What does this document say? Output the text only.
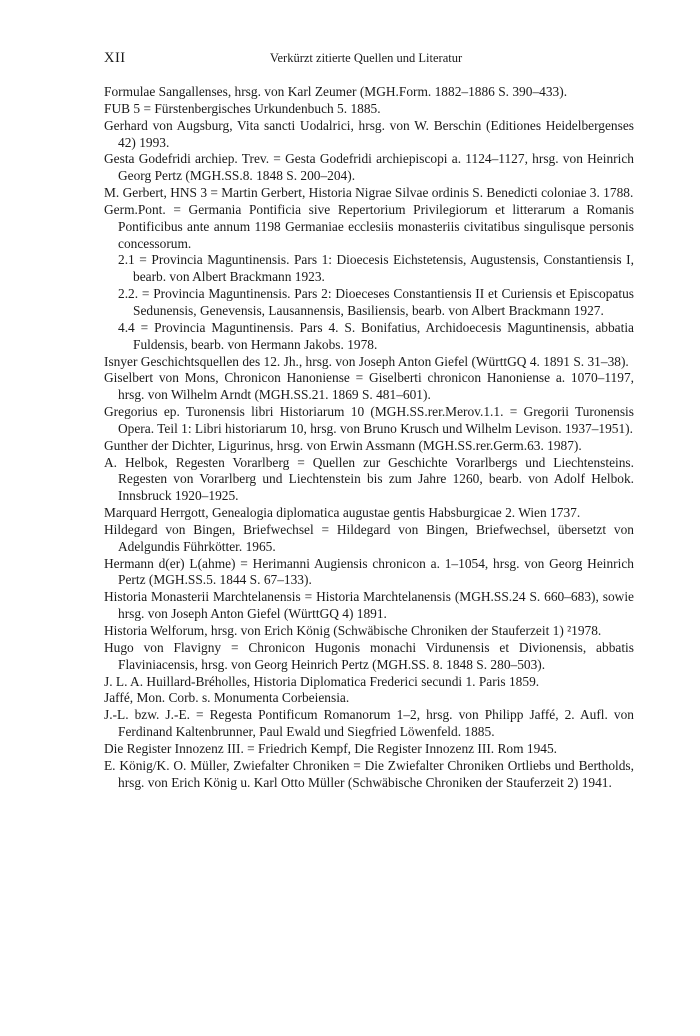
XII	Verkürzt zitierte Quellen und Literatur

Formulae Sangallenses, hrsg. von Karl Zeumer (MGH.Form. 1882–1886 S. 390–433).

FUB 5 = Fürstenbergisches Urkundenbuch 5. 1885.

Gerhard von Augsburg, Vita sancti Uodalrici, hrsg. von W. Berschin (Editiones Heidelbergenses 42) 1993.

Gesta Godefridi archiep. Trev. = Gesta Godefridi archiepiscopi a. 1124–1127, hrsg. von Heinrich Georg Pertz (MGH.SS.8. 1848 S. 200–204).

M. Gerbert, HNS 3 = Martin Gerbert, Historia Nigrae Silvae ordinis S. Benedicti coloniae 3. 1788.

Germ.Pont. = Germania Pontificia sive Repertorium Privilegiorum et litterarum a Romanis Pontificibus ante annum 1198 Germaniae ecclesiis monasteriis civitatibus singulisque personis concessorum.

2.1 = Provincia Maguntinensis. Pars 1: Dioecesis Eichstetensis, Augustensis, Constantiensis I, bearb. von Albert Brackmann 1923.

2.2. = Provincia Maguntinensis. Pars 2: Dioeceses Constantiensis II et Curiensis et Episcopatus Sedunensis, Genevensis, Lausannensis, Basiliensis, bearb. von Albert Brackmann 1927.

4.4 = Provincia Maguntinensis. Pars 4. S. Bonifatius, Archidoecesis Maguntinensis, abbatia Fuldensis, bearb. von Hermann Jakobs. 1978.

Isnyer Geschichtsquellen des 12. Jh., hrsg. von Joseph Anton Giefel (WürttGQ 4. 1891 S. 31–38).

Giselbert von Mons, Chronicon Hanoniense = Giselberti chronicon Hanoniense a. 1070–1197, hrsg. von Wilhelm Arndt (MGH.SS.21. 1869 S. 481–601).

Gregorius ep. Turonensis libri Historiarum 10 (MGH.SS.rer.Merov.1.1. = Gregorii Turonensis Opera. Teil 1: Libri historiarum 10, hrsg. von Bruno Krusch und Wilhelm Levison. 1937–1951).

Gunther der Dichter, Ligurinus, hrsg. von Erwin Assmann (MGH.SS.rer.Germ.63. 1987).

A. Helbok, Regesten Vorarlberg = Quellen zur Geschichte Vorarlbergs und Liechtensteins. Regesten von Vorarlberg und Liechtenstein bis zum Jahre 1260, bearb. von Adolf Helbok. Innsbruck 1920–1925.

Marquard Herrgott, Genealogia diplomatica augustae gentis Habsburgicae 2. Wien 1737.

Hildegard von Bingen, Briefwechsel = Hildegard von Bingen, Briefwechsel, übersetzt von Adelgundis Führkötter. 1965.

Hermann d(er) L(ahme) = Herimanni Augiensis chronicon a. 1–1054, hrsg. von Georg Heinrich Pertz (MGH.SS.5. 1844 S. 67–133).

Historia Monasterii Marchtelanensis = Historia Marchtelanensis (MGH.SS.24 S. 660–683), sowie hrsg. von Joseph Anton Giefel (WürttGQ 4) 1891.

Historia Welforum, hrsg. von Erich König (Schwäbische Chroniken der Stauferzeit 1) ²1978.

Hugo von Flavigny = Chronicon Hugonis monachi Virdunensis et Divionensis, abbatis Flaviniacensis, hrsg. von Georg Heinrich Pertz (MGH.SS. 8. 1848 S. 280–503).

J. L. A. Huillard-Bréholles, Historia Diplomatica Frederici secundi 1. Paris 1859.

Jaffé, Mon. Corb. s. Monumenta Corbeiensia.

J.-L. bzw. J.-E. = Regesta Pontificum Romanorum 1–2, hrsg. von Philipp Jaffé, 2. Aufl. von Ferdinand Kaltenbrunner, Paul Ewald und Siegfried Löwenfeld. 1885.

Die Register Innozenz III. = Friedrich Kempf, Die Register Innozenz III. Rom 1945.

E. König/K. O. Müller, Zwiefalter Chroniken = Die Zwiefalter Chroniken Ortliebs und Bertholds, hrsg. von Erich König u. Karl Otto Müller (Schwäbische Chroniken der Stauferzeit 2) 1941.
